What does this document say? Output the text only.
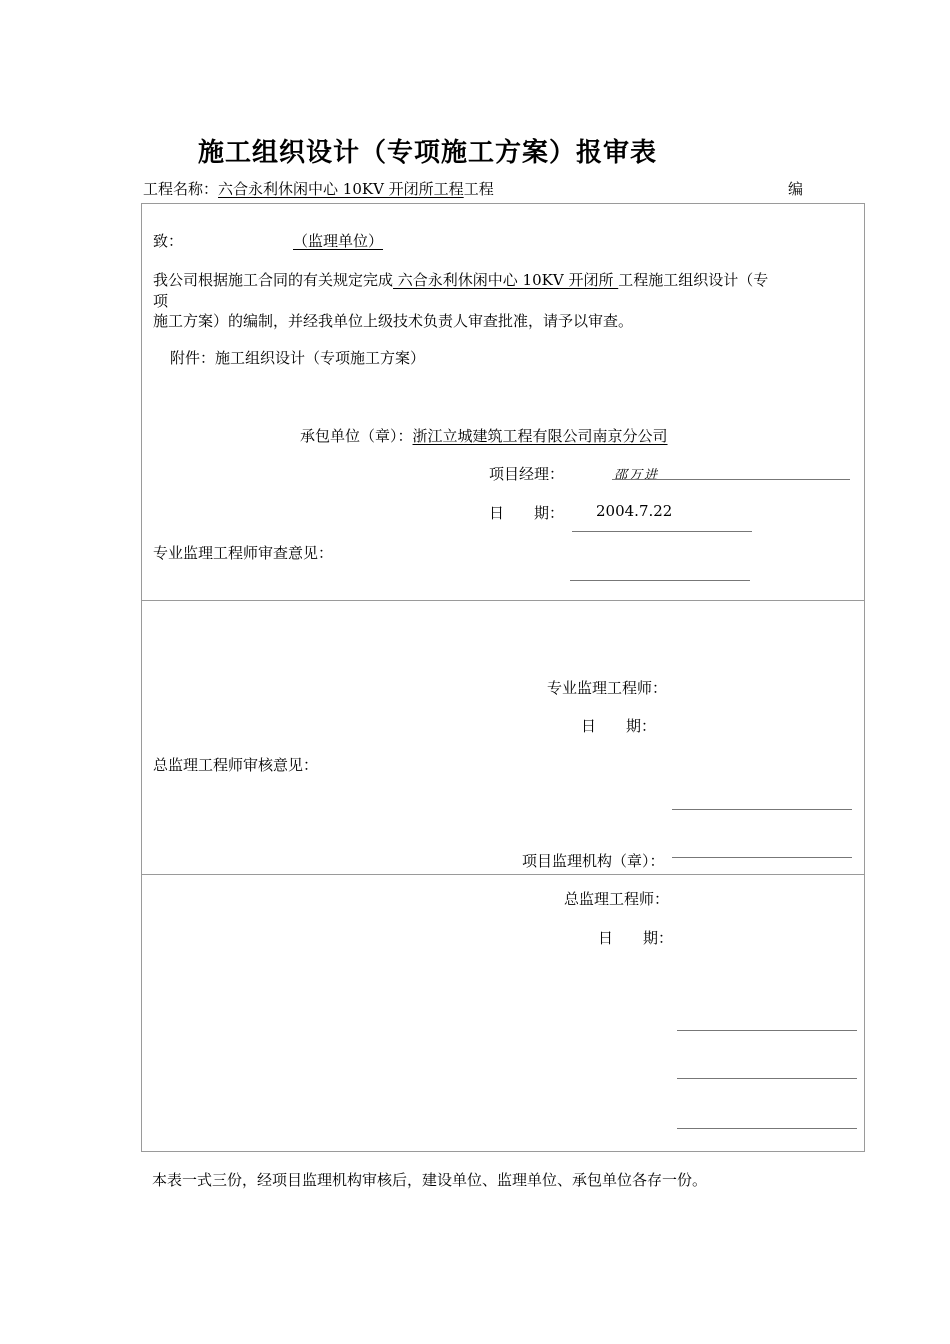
施工组织设计（专项施工方案）报审表
工程名称：六合永利休闲中心 10KV 开闭所工程工程	编
致：	（监理单位）
我公司根据施工合同的有关规定完成 六合永利休闲中心 10KV 开闭所 工程施工组织设计（专
项
施工方案）的编制，并经我单位上级技术负责人审查批准，请予以审查。
附件：施工组织设计（专项施工方案）
承包单位（章）：浙江立城建筑工程有限公司南京分公司
项目经理：	邵万进
日　　期： 2004.7.22
专业监理工程师审查意见：
专业监理工程师：
日　　期：
总监理工程师审核意见：
项目监理机构（章）：
总监理工程师：
日　　期：
本表一式三份，经项目监理机构审核后，建设单位、监理单位、承包单位各存一份。
